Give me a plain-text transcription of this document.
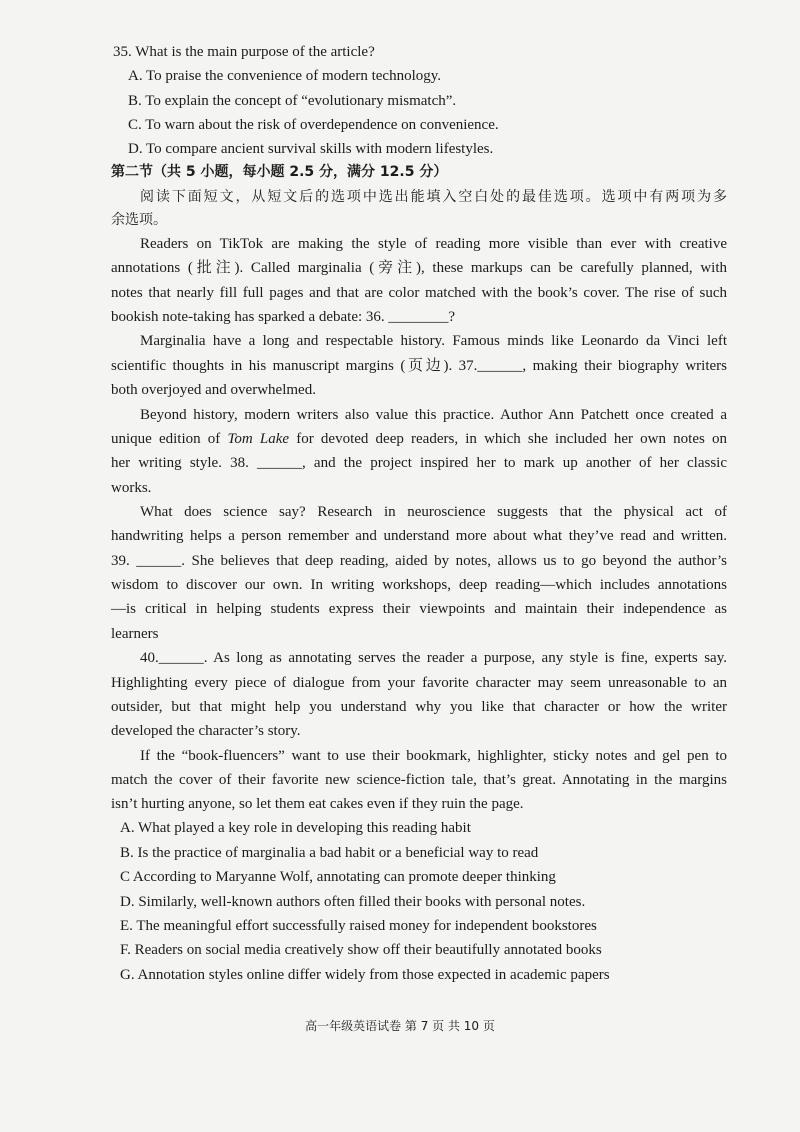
35. What is the main purpose of the article?
A. To praise the convenience of modern technology.
B. To explain the concept of “evolutionary mismatch”.
C. To warn about the risk of overdependence on convenience.
D. To compare ancient survival skills with modern lifestyles.
第二节（共 5 小题，每小题 2.5 分，满分 12.5 分）
阅读下面短文，从短文后的选项中选出能填入空白处的最佳选项。选项中有两项为多
余选项。
Readers on TikTok are making the style of reading more visible than ever with creative
annotations (批注). Called marginalia (旁注), these markups can be carefully planned, with
notes that nearly fill full pages and that are color matched with the book’s cover. The rise of such
bookish note-taking has sparked a debate: 36. ________?
Marginalia have a long and respectable history. Famous minds like Leonardo da Vinci left
scientific thoughts in his manuscript margins (页边). 37.______, making their biography writers
both overjoyed and overwhelmed.
Beyond history, modern writers also value this practice. Author Ann Patchett once created a
unique edition of Tom Lake for devoted deep readers, in which she included her own notes on
her writing style. 38. ______, and the project inspired her to mark up another of her classic
works.
What does science say? Research in neuroscience suggests that the physical act of
handwriting helps a person remember and understand more about what they’ve read and written.
39. ______. She believes that deep reading, aided by notes, allows us to go beyond the author’s
wisdom to discover our own. In writing workshops, deep reading—which includes annotations
—is critical in helping students express their viewpoints and maintain their independence as
learners
40.______. As long as annotating serves the reader a purpose, any style is fine, experts say.
Highlighting every piece of dialogue from your favorite character may seem unreasonable to an
outsider, but that might help you understand why you like that character or how the writer
developed the character’s story.
If the “book-fluencers” want to use their bookmark, highlighter, sticky notes and gel pen to
match the cover of their favorite new science-fiction tale, that’s great. Annotating in the margins
isn’t hurting anyone, so let them eat cakes even if they ruin the page.
A. What played a key role in developing this reading habit
B. Is the practice of marginalia a bad habit or a beneficial way to read
C According to Maryanne Wolf, annotating can promote deeper thinking
D. Similarly, well-known authors often filled their books with personal notes.
E. The meaningful effort successfully raised money for independent bookstores
F. Readers on social media creatively show off their beautifully annotated books
G. Annotation styles online differ widely from those expected in academic papers
高一年级英语试卷 第 7 页 共 10 页
